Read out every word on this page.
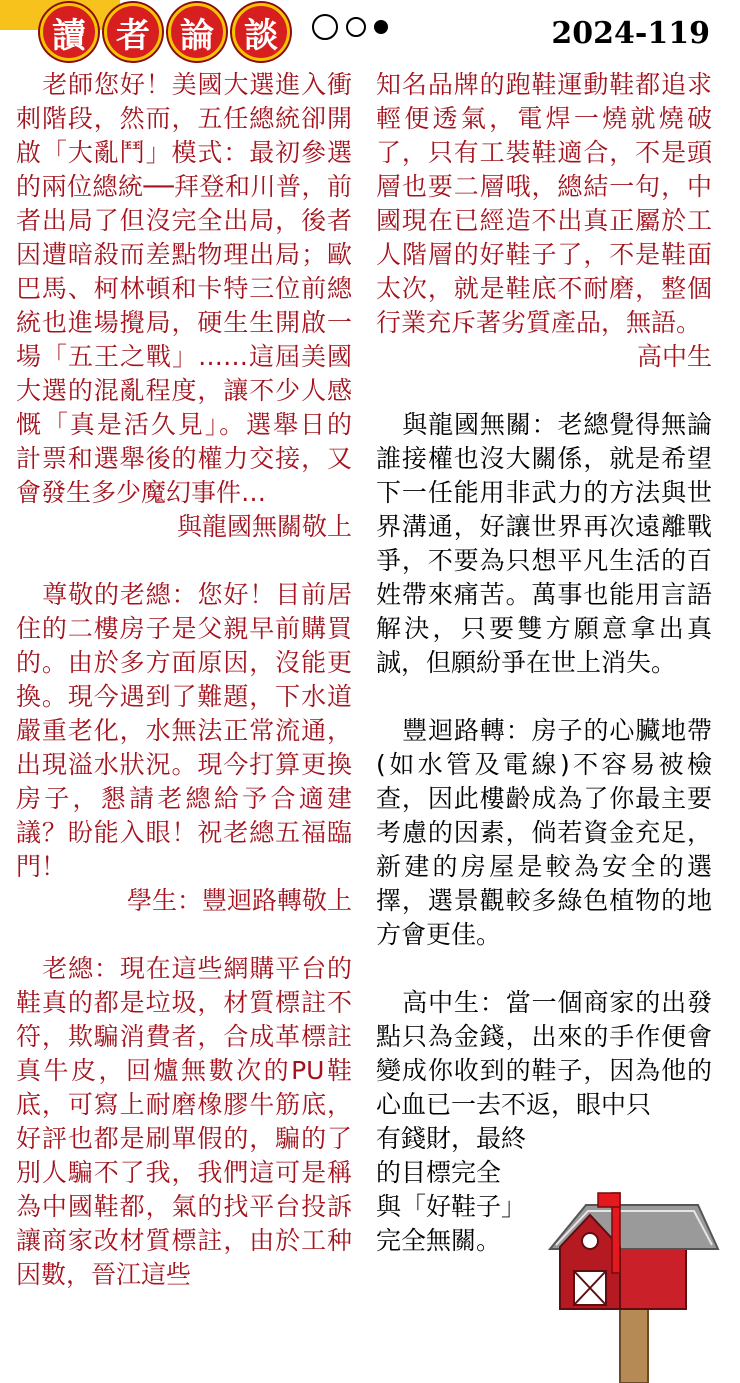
讀 者 論 談	2024-119

老師您好！美國大選進入衝刺階段，然而，五任總統卻開啟「大亂鬥」模式：最初參選的兩位總統──拜登和川普，前者出局了但沒完全出局，後者因遭暗殺而差點物理出局；歐巴馬、柯林頓和卡特三位前總統也進場攪局，硬生生開啟一場「五王之戰」……這屆美國大選的混亂程度，讓不少人感慨「真是活久見」。選舉日的計票和選舉後的權力交接，又會發生多少魔幻事件…

與龍國無關敬上

尊敬的老總：您好！目前居住的二樓房子是父親早前購買的。由於多方面原因，沒能更換。現今遇到了難題，下水道嚴重老化，水無法正常流通，出現溢水狀況。現今打算更換房子，懇請老總給予合適建議？盼能入眼！祝老總五福臨門！

學生：豐迴路轉敬上

老總：現在這些網購平台的鞋真的都是垃圾，材質標註不符，欺騙消費者，合成革標註真牛皮，回爐無數次的PU鞋底，可寫上耐磨橡膠牛筋底，好評也都是刷單假的，騙的了別人騙不了我，我們這可是稱為中國鞋都，氣的找平台投訴讓商家改材質標註，由於工种因數，晉江這些

知名品牌的跑鞋運動鞋都追求輕便透氣，電焊一燒就燒破了，只有工裝鞋適合，不是頭層也要二層哦，總結一句，中國現在已經造不出真正屬於工人階層的好鞋子了，不是鞋面太次，就是鞋底不耐磨，整個行業充斥著劣質產品，無語。

高中生

與龍國無關：老總覺得無論誰接權也沒大關係，就是希望下一任能用非武力的方法與世界溝通，好讓世界再次遠離戰爭，不要為只想平凡生活的百姓帶來痛苦。萬事也能用言語解決，只要雙方願意拿出真誠，但願紛爭在世上消失。

豐迴路轉：房子的心臟地帶(如水管及電線)不容易被檢查，因此樓齡成為了你最主要考慮的因素，倘若資金充足，新建的房屋是較為安全的選擇，選景觀較多綠色植物的地方會更佳。

高中生：當一個商家的出發點只為金錢，出來的手作便會變成你收到的鞋子，因為他的心血已一去不返，眼中只

有錢財，最終
的目標完全
與「好鞋子」
完全無關。
